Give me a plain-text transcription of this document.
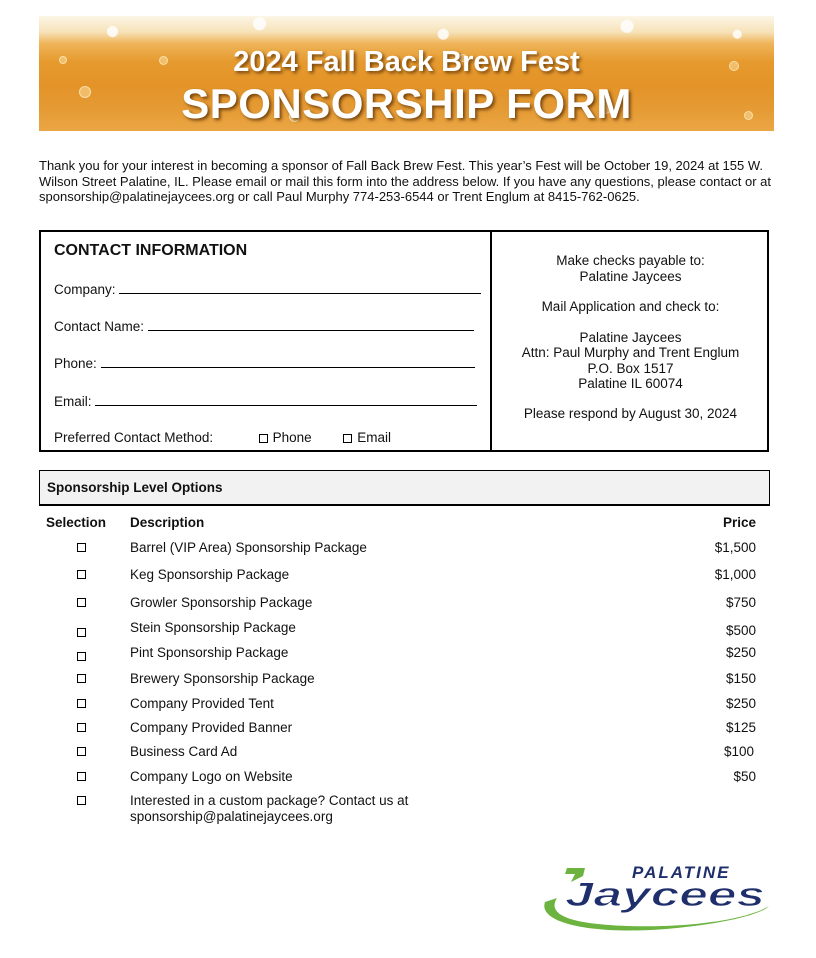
2024 Fall Back Brew Fest
SPONSORSHIP FORM
Thank you for your interest in becoming a sponsor of Fall Back Brew Fest. This year’s Fest will be October 19, 2024 at 155 W. Wilson Street Palatine, IL. Please email or mail this form into the address below. If you have any questions, please contact or at sponsorship@palatinejaycees.org or call Paul Murphy 774-253-6544 or Trent Englum at 8415-762-0625.
CONTACT INFORMATION
Company:
Contact Name:
Phone:
Email:
Preferred Contact Method:	Phone	Email

Make checks payable to:

Palatine Jaycees

Mail Application and check to:

Palatine Jaycees

Attn: Paul Murphy and Trent Englum

P.O. Box 1517

Palatine IL 60074

Please respond by August 30, 2024

Sponsorship Level Options
Selection Description	Price
Barrel (VIP Area) Sponsorship Package	$1,500
Keg Sponsorship Package	$1,000
Growler Sponsorship Package	$750
Stein Sponsorship Package	$500
Pint Sponsorship Package	$250
Brewery Sponsorship Package	$150
Company Provided Tent	$250
Company Provided Banner	$125
Business Card Ad	$100
Company Logo on Website	$50
Interested in a custom package? Contact us at
sponsorship@palatinejaycees.org
PALATINE
Jaycees
